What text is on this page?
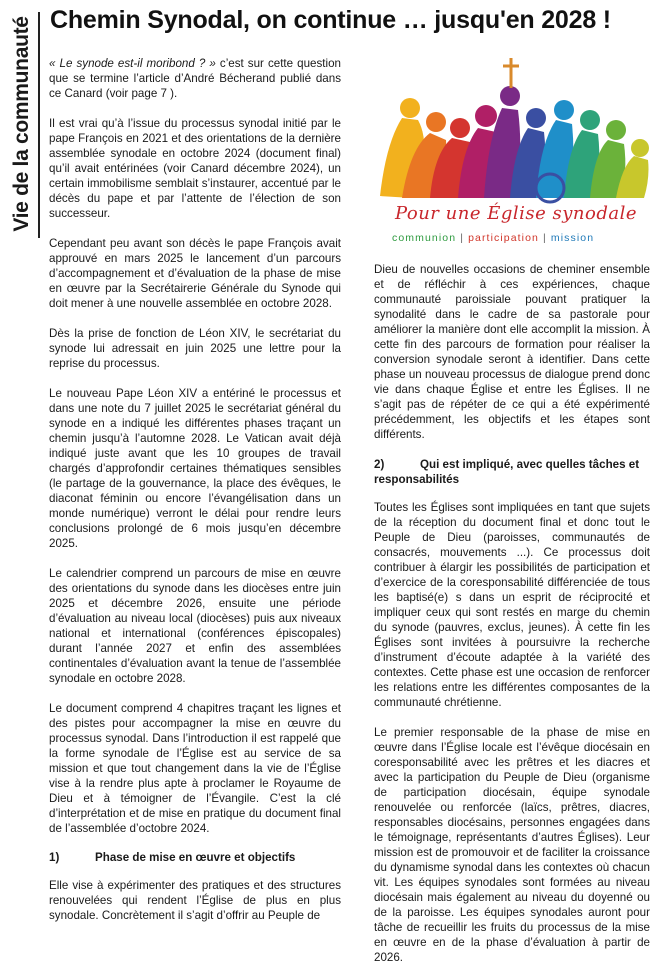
Vie de la communauté Chemin Synodal, on continue … jusqu'en 2028 !

« Le synode est-il moribond ? » c’est sur cette question que se termine l’article d’André Bécherand publié dans ce Canard (voir page 7 ).

Il est vrai qu’à l’issue du processus synodal initié par le pape François en 2021 et des orientations de la dernière assemblée synodale en octobre 2024 (document final) qu’il avait entérinées (voir Canard décembre 2024), un certain immobilisme semblait s’instaurer, accentué par le décès du pape et par l’attente de l’élection de son successeur.

Cependant peu avant son décès le pape François avait approuvé en mars 2025 le lancement d’un parcours d’accompagnement et d’évaluation de la phase de mise en œuvre par la Secrétairerie Générale du Synode qui doit mener à une nouvelle assemblée en octobre 2028.

Dès la prise de fonction de Léon XIV, le secrétariat du synode lui adressait en juin 2025 une lettre pour la reprise du processus.

Le nouveau Pape Léon XIV a entériné le processus et dans une note du 7 juillet 2025 le secrétariat général du synode en a indiqué les différentes phases traçant un chemin jusqu’à l’automne 2028. Le Vatican avait déjà indiqué juste avant que les 10 groupes de travail chargés d’approfondir certaines thématiques sensibles (le partage de la gouvernance, la place des évêques, le diaconat féminin ou encore l’évangélisation dans un monde numérique) verront le délai pour rendre leurs conclusions prolongé de 6 mois jusqu’en décembre 2025.

Le calendrier comprend un parcours de mise en œuvre des orientations du synode dans les diocèses entre juin 2025 et décembre 2026, ensuite une période d’évaluation au niveau local (diocèses) puis aux niveaux national et international (conférences épiscopales) durant l’année 2027 et enfin des assemblées continentales d’évaluation avant la tenue de l’assemblée synodale en octobre 2028.

Le document comprend 4 chapitres traçant les lignes et des pistes pour accompagner la mise en œuvre du processus synodal. Dans l’introduction il est rappelé que la forme synodale de l’Église est au service de sa mission et que tout changement dans la vie de l’Église vise à la rendre plus apte à proclamer le Royaume de Dieu et à témoigner de l’Évangile. C’est la clé d’interprétation et de mise en pratique du document final de l’assemblée d’octobre 2024.

1)	Phase de mise en œuvre et objectifs

Elle vise à expérimenter des pratiques et des structures renouvelées qui rendent l’Église de plus en plus synodale. Concrètement il s’agit d’offrir au Peuple de

Pour une Église synodale
communion | participation | mission

Dieu de nouvelles occasions de cheminer ensemble et de réfléchir à ces expériences, chaque communauté paroissiale pouvant pratiquer la synodalité dans le cadre de sa pastorale pour améliorer la manière dont elle accomplit la mission. À cette fin des parcours de formation pour réaliser la conversion synodale seront à identifier. Dans cette phase un nouveau processus de dialogue prend donc vie dans chaque Église et entre les Églises. Il ne s’agit pas de répéter de ce qui a été expérimenté précédemment, les objectifs et les étapes sont différents.

2)	Qui est impliqué, avec quelles tâches et responsabilités

Toutes les Églises sont impliquées en tant que sujets de la réception du document final et donc tout le Peuple de Dieu (paroisses, communautés de consacrés, mouvements ...). Ce processus doit contribuer à élargir les possibilités de participation et d’exercice de la coresponsabilité différenciée de tous les baptisé(e) s dans un esprit de réciprocité et impliquer ceux qui sont restés en marge du chemin du synode (pauvres, exclus, jeunes). À cette fin les Églises sont invitées à poursuivre la recherche d’instrument d’écoute adaptée à la variété des contextes. Cette phase est une occasion de renforcer les relations entre les différentes composantes de la communauté chrétienne.

Le premier responsable de la phase de mise en œuvre dans l’Église locale est l’évêque diocésain en coresponsabilité avec les prêtres et les diacres et avec la participation du Peuple de Dieu (organisme de participation diocésain, équipe synodale renouvelée ou renforcée (laïcs, prêtres, diacres, responsables diocésains, personnes engagées dans le témoignage, représentants d’autres Églises). Leur mission est de promouvoir et de faciliter la croissance du dynamisme synodal dans les contextes où chacun vit. Les équipes synodales sont formées au niveau diocésain mais également au niveau du doyenné ou de la paroisse. Les équipes synodales auront pour tâche de recueillir les fruits du processus de la mise en œuvre en de la phase d’évaluation à partir de 2026.
